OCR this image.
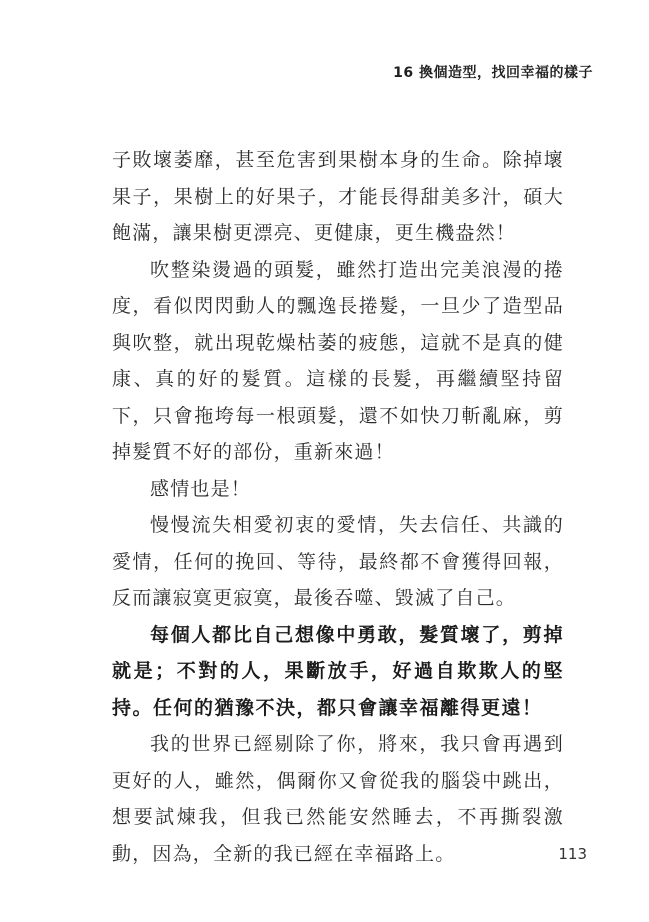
16 換個造型，找回幸福的樣子

子敗壞萎靡，甚至危害到果樹本身的生命。除掉壞果子，果樹上的好果子，才能長得甜美多汁，碩大飽滿，讓果樹更漂亮、更健康，更生機盎然！

吹整染燙過的頭髮，雖然打造出完美浪漫的捲度，看似閃閃動人的飄逸長捲髮，一旦少了造型品與吹整，就出現乾燥枯萎的疲態，這就不是真的健康、真的好的髮質。這樣的長髮，再繼續堅持留下，只會拖垮每一根頭髮，還不如快刀斬亂麻，剪掉髮質不好的部份，重新來過！

感情也是！

慢慢流失相愛初衷的愛情，失去信任、共識的愛情，任何的挽回、等待，最終都不會獲得回報，反而讓寂寞更寂寞，最後吞噬、毀滅了自己。

每個人都比自己想像中勇敢，髮質壞了，剪掉就是；不對的人，果斷放手，好過自欺欺人的堅持。任何的猶豫不決，都只會讓幸福離得更遠！

我的世界已經剔除了你，將來，我只會再遇到更好的人，雖然，偶爾你又會從我的腦袋中跳出，想要試煉我，但我已然能安然睡去，不再撕裂激動，因為，全新的我已經在幸福路上。	113
